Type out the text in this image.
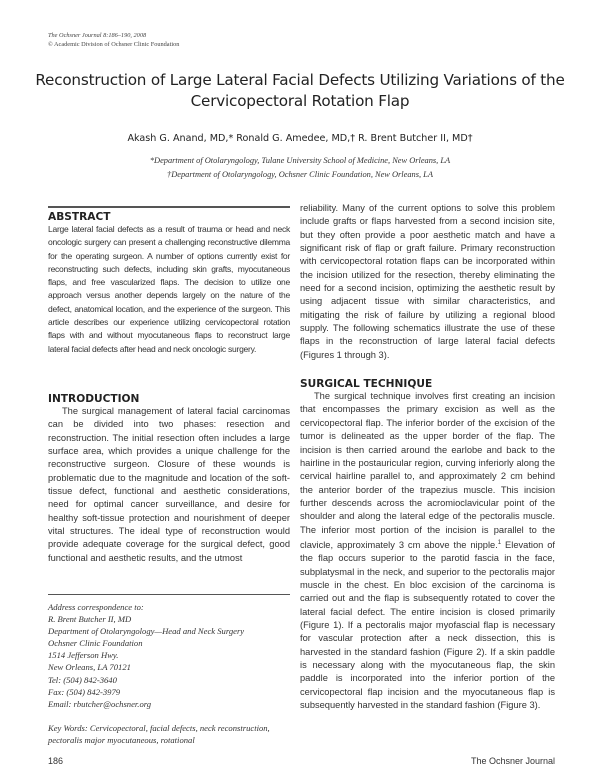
The Ochsner Journal 8:186–190, 2008
© Academic Division of Ochsner Clinic Foundation
Reconstruction of Large Lateral Facial Defects Utilizing Variations of the Cervicopectoral Rotation Flap
Akash G. Anand, MD,* Ronald G. Amedee, MD,† R. Brent Butcher II, MD†
*Department of Otolaryngology, Tulane University School of Medicine, New Orleans, LA
†Department of Otolaryngology, Ochsner Clinic Foundation, New Orleans, LA
ABSTRACT

Large lateral facial defects as a result of trauma or head and neck oncologic surgery can present a challenging reconstructive dilemma for the operating surgeon. A number of options currently exist for reconstructing such defects, including skin grafts, myocutaneous flaps, and free vascularized flaps. The decision to utilize one approach versus another depends largely on the nature of the defect, anatomical location, and the experience of the surgeon. This article describes our experience utilizing cervicopectoral rotation flaps with and without myocutaneous flaps to reconstruct large lateral facial defects after head and neck oncologic surgery.

INTRODUCTION

The surgical management of lateral facial carcinomas can be divided into two phases: resection and reconstruction. The initial resection often includes a large surface area, which provides a unique challenge for the reconstructive surgeon. Closure of these wounds is problematic due to the magnitude and location of the soft-tissue defect, functional and aesthetic considerations, need for optimal cancer surveillance, and desire for healthy soft-tissue protection and nourishment of deeper vital structures. The ideal type of reconstruction would provide adequate coverage for the surgical defect, good functional and aesthetic results, and the utmost

Address correspondence to:
R. Brent Butcher II, MD
Department of Otolaryngology—Head and Neck Surgery
Ochsner Clinic Foundation
1514 Jefferson Hwy.
New Orleans, LA 70121
Tel: (504) 842-3640
Fax: (504) 842-3979
Email: rbutcher@ochsner.org
Key Words: Cervicopectoral, facial defects, neck reconstruction, pectoralis major myocutaneous, rotational

reliability. Many of the current options to solve this problem include grafts or flaps harvested from a second incision site, but they often provide a poor aesthetic match and have a significant risk of flap or graft failure. Primary reconstruction with cervicopectoral rotation flaps can be incorporated within the incision utilized for the resection, thereby eliminating the need for a second incision, optimizing the aesthetic result by using adjacent tissue with similar characteristics, and mitigating the risk of failure by utilizing a regional blood supply. The following schematics illustrate the use of these flaps in the reconstruction of large lateral facial defects (Figures 1 through 3).

SURGICAL TECHNIQUE

The surgical technique involves first creating an incision that encompasses the primary excision as well as the cervicopectoral flap. The inferior border of the excision of the tumor is delineated as the upper border of the flap. The incision is then carried around the earlobe and back to the hairline in the postauricular region, curving inferiorly along the cervical hairline parallel to, and approximately 2 cm behind the anterior border of the trapezius muscle. This incision further descends across the acromioclavicular point of the shoulder and along the lateral edge of the pectoralis muscle. The inferior most portion of the incision is parallel to the clavicle, approximately 3 cm above the nipple.$^1$ Elevation of the flap occurs superior to the parotid fascia in the face, subplatysmal in the neck, and superior to the pectoralis major muscle in the chest. En bloc excision of the carcinoma is carried out and the flap is subsequently rotated to cover the lateral facial defect. The entire incision is closed primarily (Figure 1). If a pectoralis major myofascial flap is necessary for vascular protection after a neck dissection, this is harvested in the standard fashion (Figure 2). If a skin paddle is necessary along with the myocutaneous flap, the skin paddle is incorporated into the inferior portion of the cervicopectoral flap incision and the myocutaneous flap is subsequently harvested in the standard fashion (Figure 3).

186	The Ochsner Journal
